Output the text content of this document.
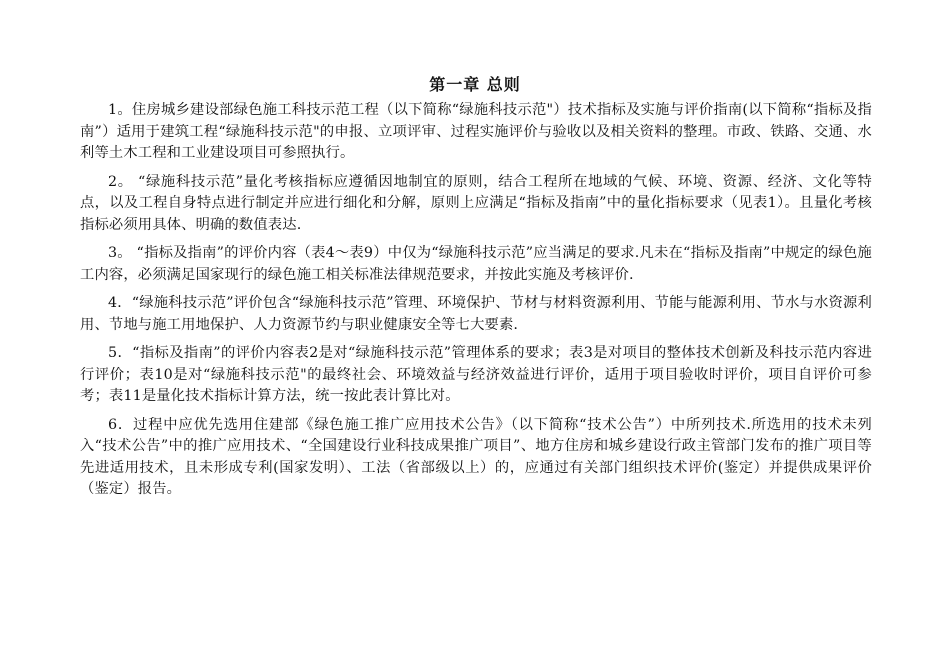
第一章 总则

1。住房城乡建设部绿色施工科技示范工程（以下简称“绿施科技示范"）技术指标及实施与评价指南(以下简称“指标及指南”）适用于建筑工程“绿施科技示范"的申报、立项评审、过程实施评价与验收以及相关资料的整理。市政、铁路、交通、水利等土木工程和工业建设项目可参照执行。

2。 “绿施科技示范”量化考核指标应遵循因地制宜的原则，结合工程所在地域的气候、环境、资源、经济、文化等特点，以及工程自身特点进行制定并应进行细化和分解，原则上应满足“指标及指南”中的量化指标要求（见表1）。且量化考核指标必须用具体、明确的数值表达.

3。 “指标及指南”的评价内容（表4～表9）中仅为“绿施科技示范”应当满足的要求.凡未在“指标及指南”中规定的绿色施工内容，必须满足国家现行的绿色施工相关标准法律规范要求，并按此实施及考核评价.

4．“绿施科技示范”评价包含“绿施科技示范”管理、环境保护、节材与材料资源利用、节能与能源利用、节水与水资源利用、节地与施工用地保护、人力资源节约与职业健康安全等七大要素.

5．“指标及指南”的评价内容表2是对“绿施科技示范”管理体系的要求；表3是对项目的整体技术创新及科技示范内容进行评价；表10是对“绿施科技示范"的最终社会、环境效益与经济效益进行评价，适用于项目验收时评价，项目自评价可参考；表11是量化技术指标计算方法，统一按此表计算比对。

6．过程中应优先选用住建部《绿色施工推广应用技术公告》（以下简称“技术公告”）中所列技术.所选用的技术未列入“技术公告”中的推广应用技术、“全国建设行业科技成果推广项目”、地方住房和城乡建设行政主管部门发布的推广项目等先进适用技术，且未形成专利(国家发明）、工法（省部级以上）的，应通过有关部门组织技术评价(鉴定）并提供成果评价（鉴定）报告。
